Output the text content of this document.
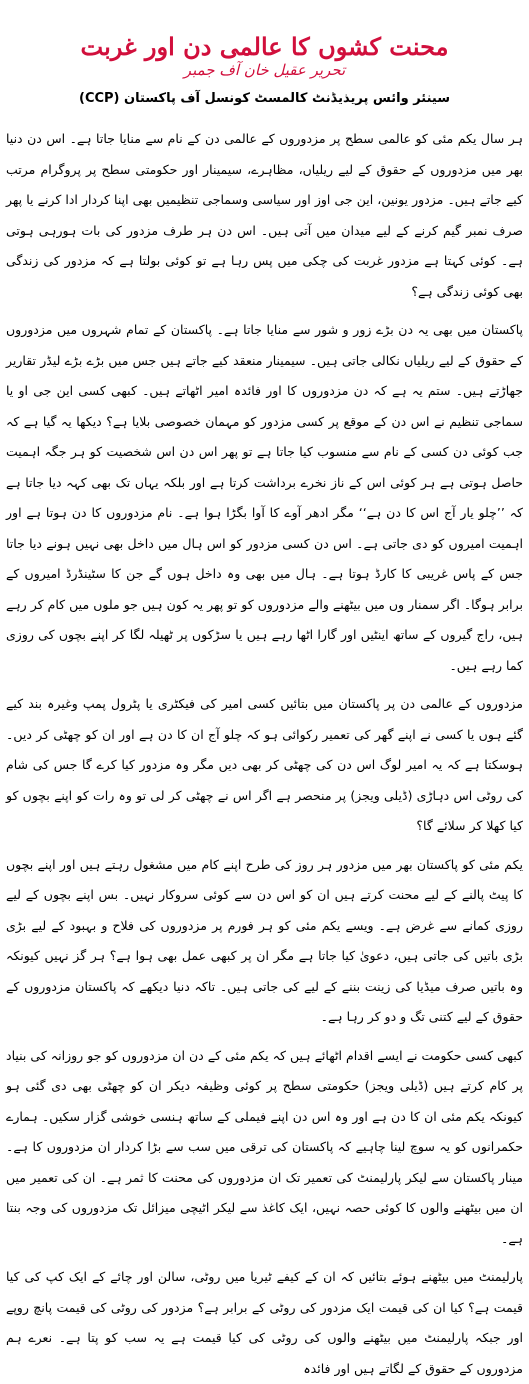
محنت کشوں کا عالمی دن اور غربت
تحریر عقیل خان آف جمبر
سینئر وائس پریذیڈنٹ کالمسٹ کونسل آف پاکستان (CCP)

ہر سال یکم مئی کو عالمی سطح پر مزدوروں کے عالمی دن کے نام سے منایا جاتا ہے۔ اس دن دنیا بھر میں مزدوروں کے حقوق کے لیے ریلیاں، مظاہرے، سیمینار اور حکومتی سطح پر پروگرام مرتب کیے جاتے ہیں۔ مزدور یونین، این جی اوز اور سیاسی وسماجی تنظیمیں بھی اپنا کردار ادا کرنے یا پھر صرف نمبر گیم کرنے کے لیے میدان میں آتی ہیں۔ اس دن ہر طرف مزدور کی بات ہورہی ہوتی ہے۔ کوئی کہتا ہے مزدور غربت کی چکی میں پس رہا ہے تو کوئی بولتا ہے کہ مزدور کی زندگی بھی کوئی زندگی ہے؟

پاکستان میں بھی یہ دن بڑے زور و شور سے منایا جاتا ہے۔ پاکستان کے تمام شہروں میں مزدوروں کے حقوق کے لیے ریلیاں نکالی جاتی ہیں۔ سیمینار منعقد کیے جاتے ہیں جس میں بڑے بڑے لیڈر تقاریر جھاڑتے ہیں۔ ستم یہ ہے کہ دن مزدوروں کا اور فائدہ امیر اٹھاتے ہیں۔ کبھی کسی این جی او یا سماجی تنظیم نے اس دن کے موقع پر کسی مزدور کو مہمان خصوصی بلایا ہے؟ دیکھا یہ گیا ہے کہ جب کوئی دن کسی کے نام سے منسوب کیا جاتا ہے تو پھر اس دن اس شخصیت کو ہر جگہ اہمیت حاصل ہوتی ہے ہر کوئی اس کے ناز نخرے برداشت کرتا ہے اور بلکہ یہاں تک بھی کہہ دیا جاتا ہے کہ ’’چلو یار آج اس کا دن ہے‘‘ مگر ادھر آوے کا آوا بگڑا ہوا ہے۔ نام مزدوروں کا دن ہوتا ہے اور اہمیت امیروں کو دی جاتی ہے۔ اس دن کسی مزدور کو اس ہال میں داخل بھی نہیں ہونے دیا جاتا جس کے پاس غریبی کا کارڈ ہوتا ہے۔ ہال میں بھی وہ داخل ہوں گے جن کا سٹینڈرڈ امیروں کے برابر ہوگا۔ اگر سمنار وں میں بیٹھنے والے مزدوروں کو تو پھر یہ کون ہیں جو ملوں میں کام کر رہے ہیں، راج گیروں کے ساتھ اینٹیں اور گارا اٹھا رہے ہیں یا سڑکوں پر ٹھیلہ لگا کر اپنے بچوں کی روزی کما رہے ہیں۔

مزدوروں کے عالمی دن پر پاکستان میں بتائیں کسی امیر کی فیکٹری یا پٹرول پمپ وغیرہ بند کیے گئے ہوں یا کسی نے اپنے گھر کی تعمیر رکوائی ہو کہ چلو آج ان کا دن ہے اور ان کو چھٹی کر دیں۔ ہوسکتا ہے کہ یہ امیر لوگ اس دن کی چھٹی کر بھی دیں مگر وہ مزدور کیا کرے گا جس کی شام کی روٹی اس دہاڑی (ڈیلی ویجز) پر منحصر ہے اگر اس نے چھٹی کر لی تو وہ رات کو اپنے بچوں کو کیا کھلا کر سلائے گا؟

یکم مئی کو پاکستان بھر میں مزدور ہر روز کی طرح اپنے کام میں مشغول رہتے ہیں اور اپنے بچوں کا پیٹ پالنے کے لیے محنت کرتے ہیں ان کو اس دن سے کوئی سروکار نہیں۔ بس اپنے بچوں کے لیے روزی کمانے سے غرض ہے۔ ویسے یکم مئی کو ہر فورم پر مزدوروں کی فلاح و بہبود کے لیے بڑی بڑی باتیں کی جاتی ہیں، دعویٰ کیا جاتا ہے مگر ان پر کبھی عمل بھی ہوا ہے؟ ہر گز نہیں کیونکہ وہ باتیں صرف میڈیا کی زینت بننے کے لیے کی جاتی ہیں۔ تاکہ دنیا دیکھے کہ پاکستان مزدوروں کے حقوق کے لیے کتنی تگ و دو کر رہا ہے۔

کبھی کسی حکومت نے ایسے اقدام اٹھائے ہیں کہ یکم مئی کے دن ان مزدوروں کو جو روزانہ کی بنیاد پر کام کرتے ہیں (ڈیلی ویجز) حکومتی سطح پر کوئی وظیفہ دیکر ان کو چھٹی بھی دی گئی ہو کیونکہ یکم مئی ان کا دن ہے اور وہ اس دن اپنے فیملی کے ساتھ ہنسی خوشی گزار سکیں۔ ہمارے حکمرانوں کو یہ سوچ لینا چاہیے کہ پاکستان کی ترقی میں سب سے بڑا کردار ان مزدوروں کا ہے۔ مینار پاکستان سے لیکر پارلیمنٹ کی تعمیر تک ان مزدوروں کی محنت کا ثمر ہے۔ ان کی تعمیر میں ان میں بیٹھنے والوں کا کوئی حصہ نہیں، ایک کاغذ سے لیکر اٹیچی میزائل تک مزدوروں کی وجہ بنتا ہے۔

پارلیمنٹ میں بیٹھنے ہوئے بتائیں کہ ان کے کیفے ٹیریا میں روٹی، سالن اور چائے کے ایک کپ کی کیا قیمت ہے؟ کیا ان کی قیمت ایک مزدور کی روٹی کے برابر ہے؟ مزدور کی روٹی کی قیمت پانچ روپے اور جبکہ پارلیمنٹ میں بیٹھنے والوں کی روٹی کی کیا قیمت ہے یہ سب کو پتا ہے۔ نعرے ہم مزدوروں کے حقوق کے لگاتے ہیں اور فائدہ
